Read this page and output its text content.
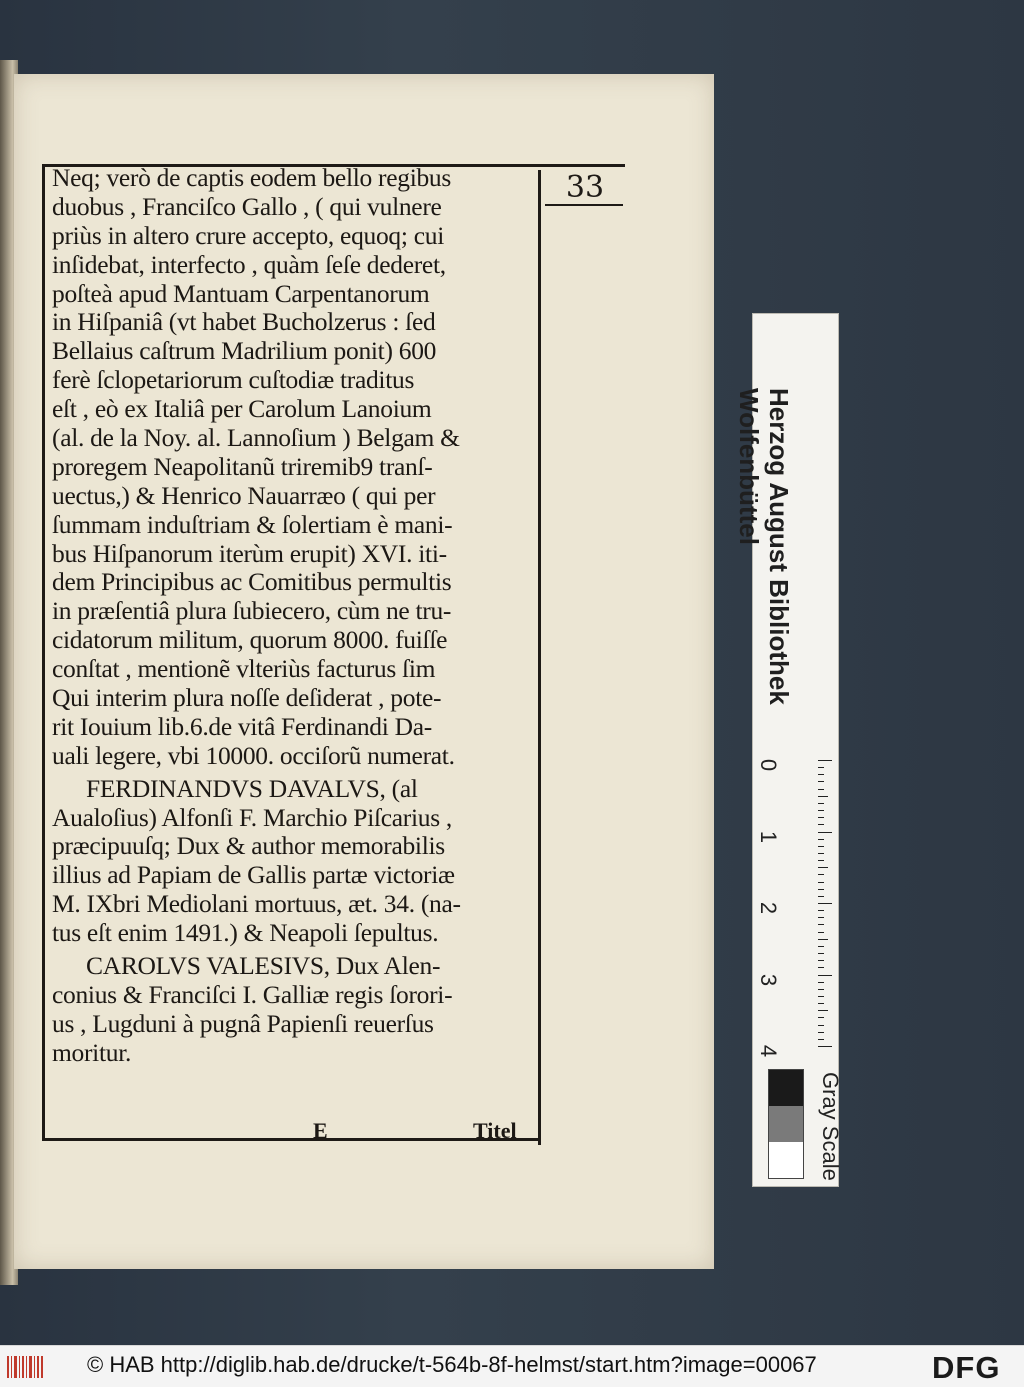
33
Neq; verò de captis eodem bello regibus
duobus , Franciſco Gallo , ( qui vulnere
priùs in altero crure accepto, equoq; cui
inſidebat, interfecto , quàm ſeſe dederet,
poſteà apud Mantuam Carpentanorum
in Hiſpaniâ (vt habet Bucholzerus : ſed
Bellaius caſtrum Madrilium ponit) 600
ferè ſclopetariorum cuſtodiæ traditus
eſt , eò ex Italiâ per Carolum Lanoium
(al. de la Noy. al. Lannoſium ) Belgam &
proregem Neapolitanũ triremib9 tranſ-
uectus,) & Henrico Nauarræo ( qui per
ſummam induſtriam & ſolertiam è mani-
bus Hiſpanorum iterùm erupit) XVI. iti-
dem Principibus ac Comitibus permultis
in præſentiâ plura ſubiecero, cùm ne tru-
cidatorum militum, quorum 8000. fuiſſe
conſtat , mentionẽ vlteriùs facturus ſim
Qui interim plura noſſe deſiderat , pote-
rit Iouium lib.6.de vitâ Ferdinandi Da-
uali legere, vbi 10000. occiſorũ numerat.
FERDINANDVS DAVALVS, (al
Aualoſius) Alfonſi F. Marchio Piſcarius ,
præcipuuſq; Dux & author memorabilis
illius ad Papiam de Gallis partæ victoriæ
M. IXbri Mediolani mortuus, æt. 34. (na-
tus eſt enim 1491.) & Neapoli ſepultus.
CAROLVS VALESIVS, Dux Alen-
conius & Franciſci I. Galliæ regis ſorori-
us , Lugduni à pugnâ Papienſi reuerſus
moritur.
E	Titel
Herzog August Bibliothek
Wolfenbüttel
0
1
2
3
4
Gray Scale
© HAB http://diglib.hab.de/drucke/t-564b-8f-helmst/start.htm?image=00067	DFG
